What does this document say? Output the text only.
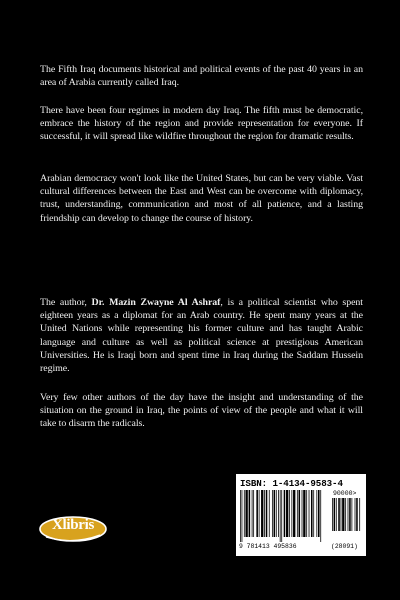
The Fifth Iraq documents historical and political events of the past 40 years in an area of Arabia currently called Iraq.

There have been four regimes in modern day Iraq. The fifth must be democratic, embrace the history of the region and provide representation for everyone. If successful, it will spread like wildfire throughout the region for dramatic results.

Arabian democracy won't look like the United States, but can be very viable. Vast cultural differences between the East and West can be overcome with diplomacy, trust, understanding, communication and most of all patience, and a lasting friendship can develop to change the course of history.

The author, Dr. Mazin Zwayne Al Ashraf, is a political scientist who spent eighteen years as a diplomat for an Arab country. He spent many years at the United Nations while representing his former culture and has taught Arabic language and culture as well as political science at prestigious American Universities. He is Iraqi born and spent time in Iraq during the Saddam Hussein regime.

Very few other authors of the day have the insight and understanding of the situation on the ground in Iraq, the points of view of the people and what it will take to disarm the radicals.

Xlibris
ISBN: 1-4134-9583-4
90000>
9 781413 495836	(28091)
